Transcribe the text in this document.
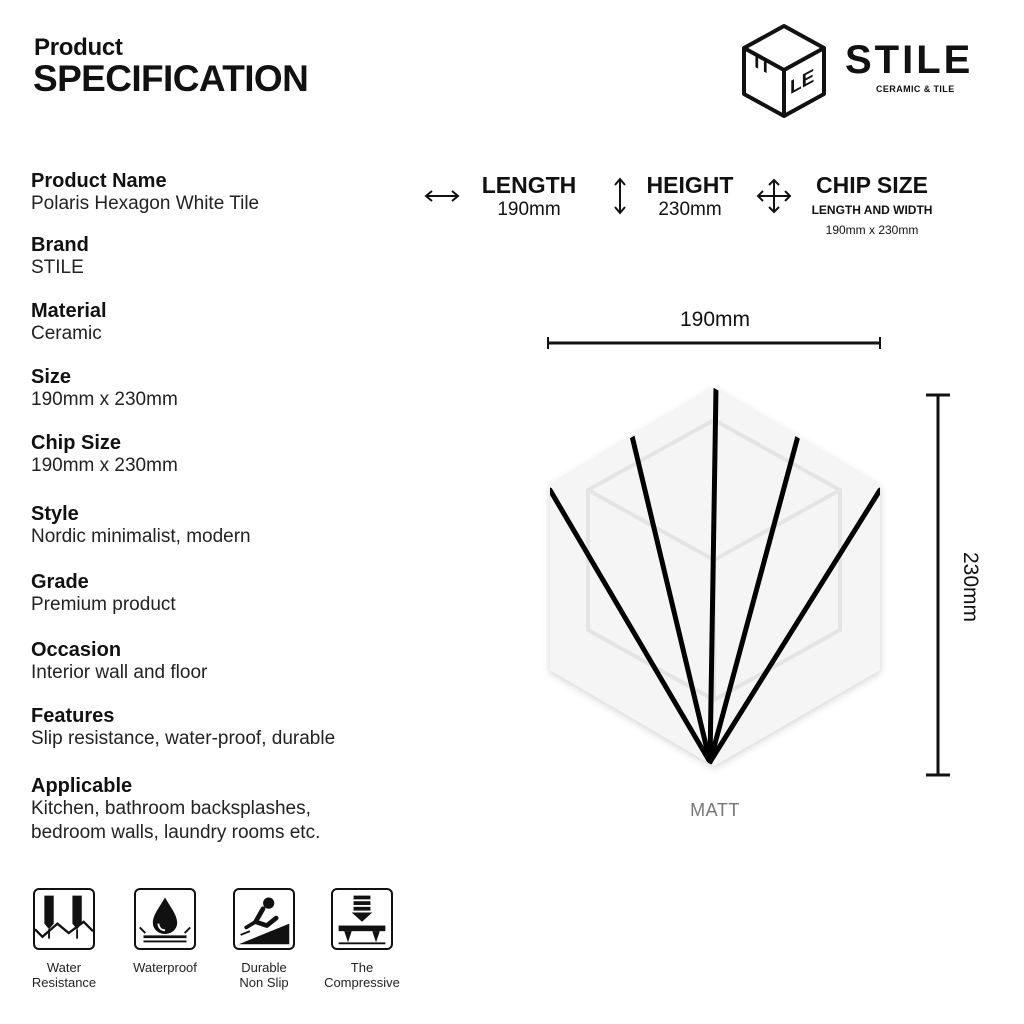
Product
SPECIFICATION	TI
LE
STILE
CERAMIC & TILE
Product Name
Polaris Hexagon White Tile
Brand
STILE
Material
Ceramic
Size
190mm x 230mm
Chip Size
190mm x 230mm
Style
Nordic minimalist, modern
Grade
Premium product
Occasion
Interior wall and floor
Features
Slip resistance, water-proof, durable
Applicable
Kitchen, bathroom backsplashes,
bedroom walls, laundry rooms etc.
LENGTH
190mm
HEIGHT
230mm
CHIP SIZE
LENGTH AND WIDTH
190mm x 230mm
190mm
230mm
MATT
Water
Resistance
Waterproof	Durable
Non Slip
The
Compressive
